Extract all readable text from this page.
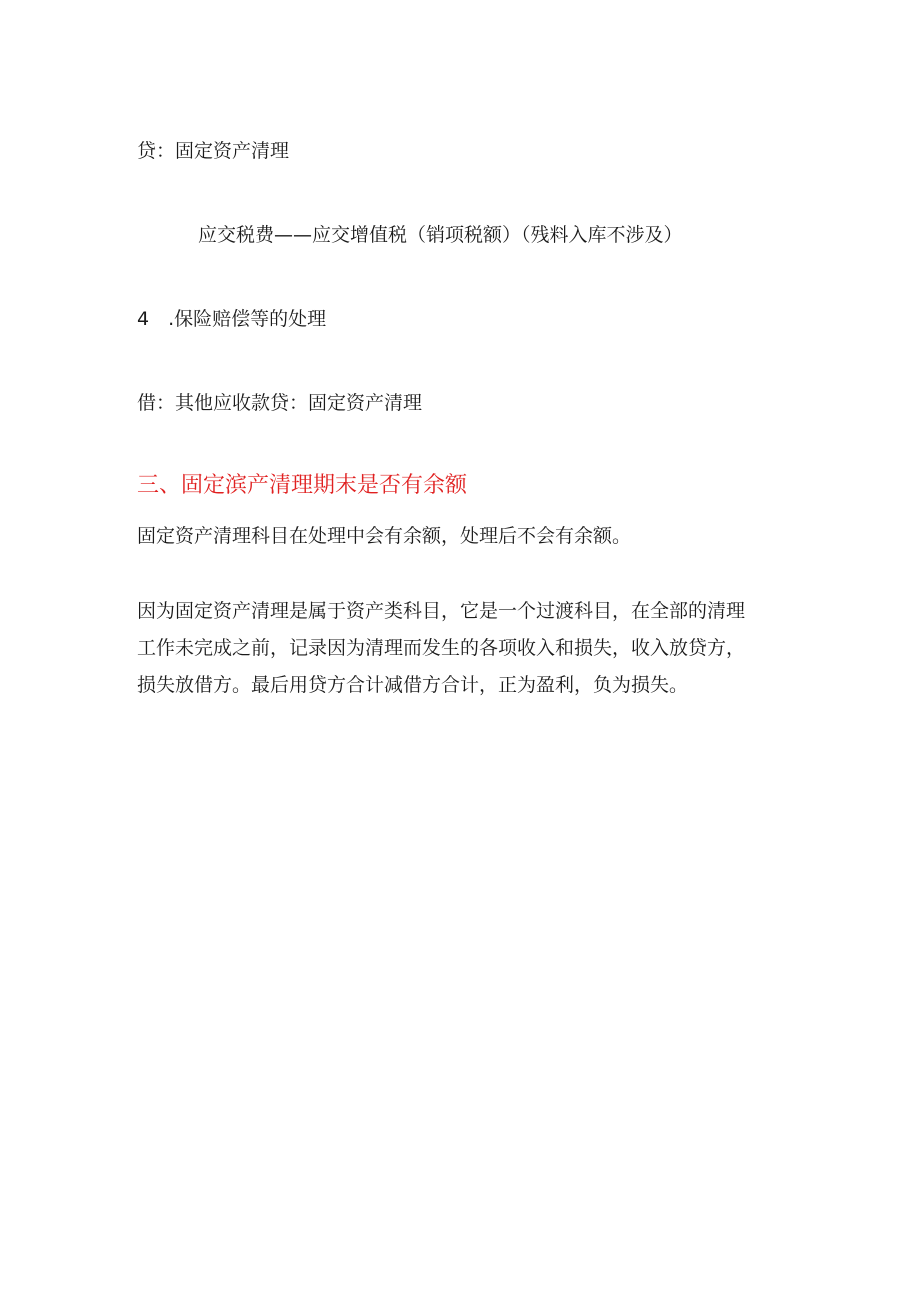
贷：固定资产清理
应交税费——应交增值税（销项税额）（残料入库不涉及）
4　.保险赔偿等的处理
借：其他应收款贷：固定资产清理
三、固定滨产清理期末是否有余额
固定资产清理科目在处理中会有余额，处理后不会有余额。
因为固定资产清理是属于资产类科目，它是一个过渡科目，在全部的清理
工作未完成之前，记录因为清理而发生的各项收入和损失，收入放贷方，
损失放借方。最后用贷方合计减借方合计，正为盈利，负为损失。
